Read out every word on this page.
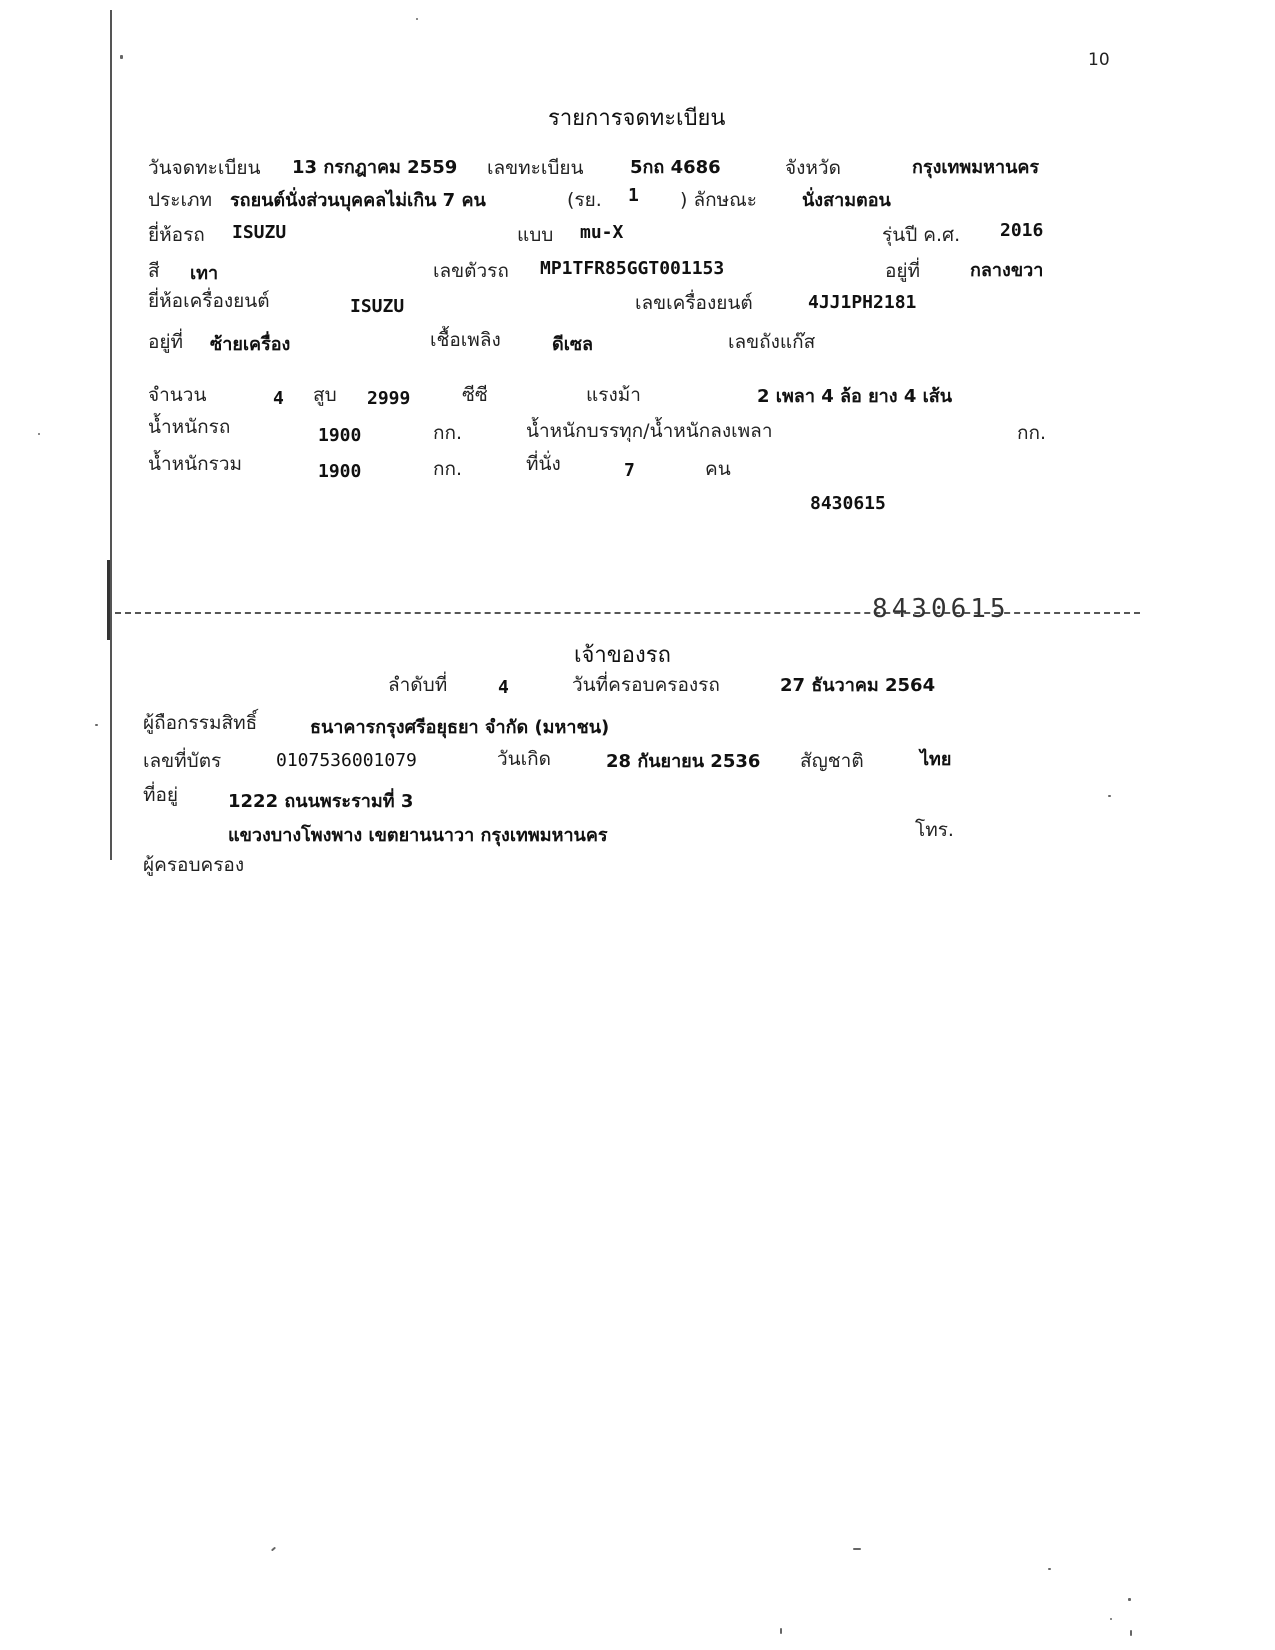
10
รายการจดทะเบียน
วันจดทะเบียน 13 กรกฎาคม 2559 เลขทะเบียน	5กถ 4686	จังหวัด	กรุงเทพมหานคร
ประเภท รถยนต์นั่งส่วนบุคคลไม่เกิน 7 คน	(รย. 1 ) ลักษณะ	นั่งสามตอน
ยี่ห้อรถ ISUZU	แบบ mu-X	รุ่นปี ค.ศ. 2016
สี เทา	เลขตัวรถ MP1TFR85GGT001153	อยู่ที่	กลางขวา
ยี่ห้อเครื่องยนต์	ISUZU	เลขเครื่องยนต์	4JJ1PH2181
อยู่ที่ ซ้ายเครื่อง	เชื้อเพลิง	ดีเซล	เลขถังแก๊ส
จำนวน	4 สูบ 2999	ซีซี	แรงม้า	2 เพลา 4 ล้อ ยาง 4 เส้น
น้ำหนักรถ	1900	กก.	น้ำหนักบรรทุก/น้ำหนักลงเพลา	กก.
น้ำหนักรวม	1900	กก.	ที่นั่ง	7	คน
8430615
8430615
เจ้าของรถ
ลำดับที่	4	วันที่ครอบครองรถ	27 ธันวาคม 2564
ผู้ถือกรรมสิทธิ์	ธนาคารกรุงศรีอยุธยา จำกัด (มหาชน)
เลขที่บัตร	0107536001079	วันเกิด	28 กันยายน 2536 สัญชาติ	ไทย
ที่อยู่	1222 ถนนพระรามที่ 3
แขวงบางโพงพาง เขตยานนาวา กรุงเทพมหานคร	โทร.
ผู้ครอบครอง
